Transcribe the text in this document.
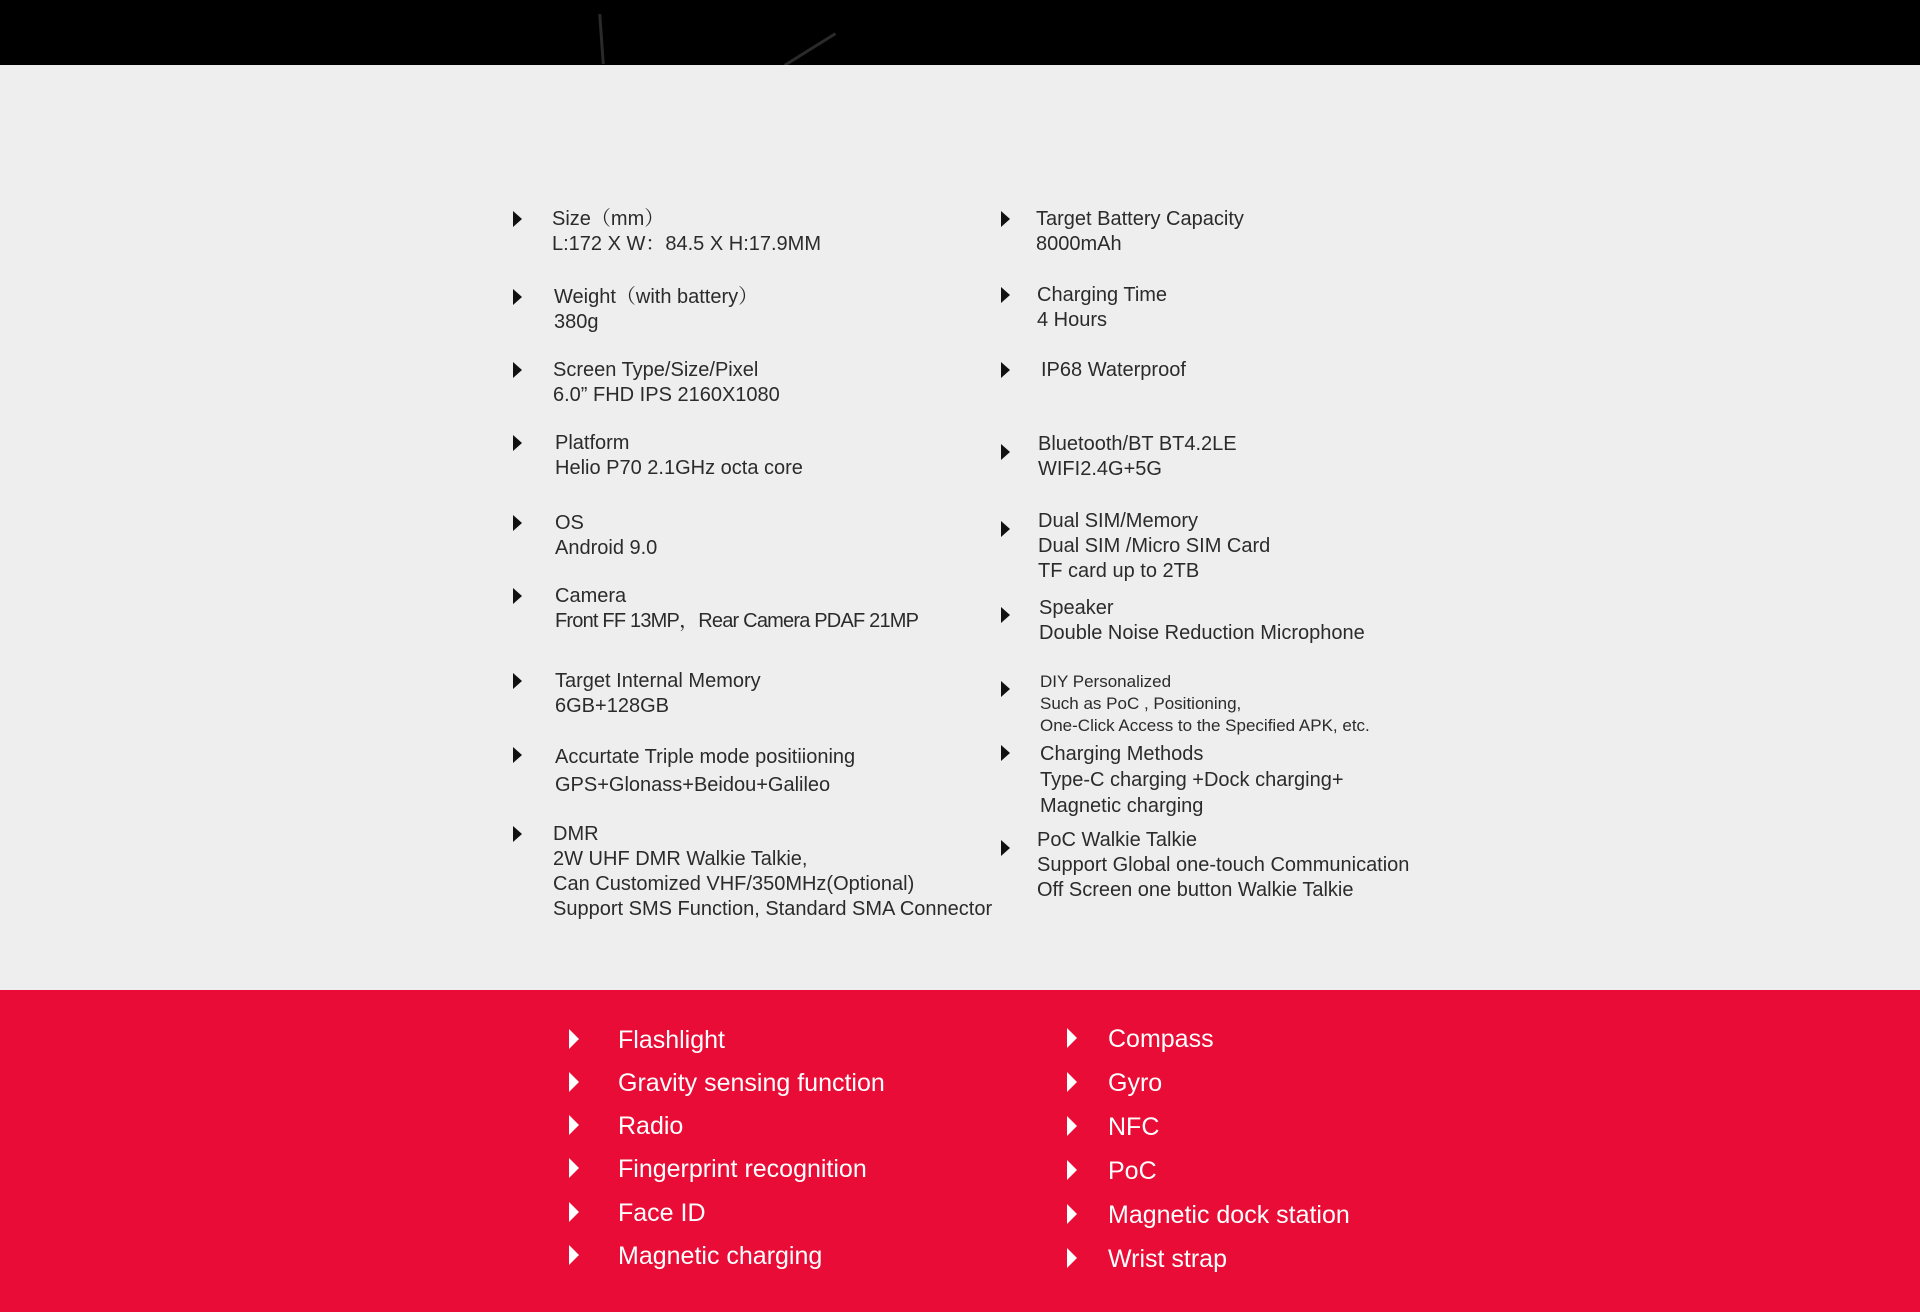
Size（mm）
L:172 X W：84.5 X H:17.9MM
Weight（with battery）
380g
Screen Type/Size/Pixel
6.0” FHD IPS 2160X1080
Platform
Helio P70 2.1GHz octa core
OS
Android 9.0
Camera
Front FF 13MP，Rear Camera PDAF 21MP
Target Internal Memory
6GB+128GB
Accurtate Triple mode positiioning
GPS+Glonass+Beidou+Galileo
DMR
2W UHF DMR Walkie Talkie,
Can Customized VHF/350MHz(Optional)
Support SMS Function, Standard SMA Connector
Target Battery Capacity
8000mAh
Charging Time
4 Hours
IP68 Waterproof
Bluetooth/BT BT4.2LE
WIFI2.4G+5G
Dual SIM/Memory
Dual SIM /Micro SIM Card
TF card up to 2TB
Speaker
Double Noise Reduction Microphone
DIY Personalized
Such as PoC , Positioning,
One-Click Access to the Specified APK, etc.
Charging Methods
Type-C charging +Dock charging+
Magnetic charging
PoC Walkie Talkie
Support Global one-touch Communication
Off Screen one button Walkie Talkie
Flashlight
Gravity sensing function
Radio
Fingerprint recognition
Face ID
Magnetic charging
Compass
Gyro
NFC
PoC
Magnetic dock station
Wrist strap
